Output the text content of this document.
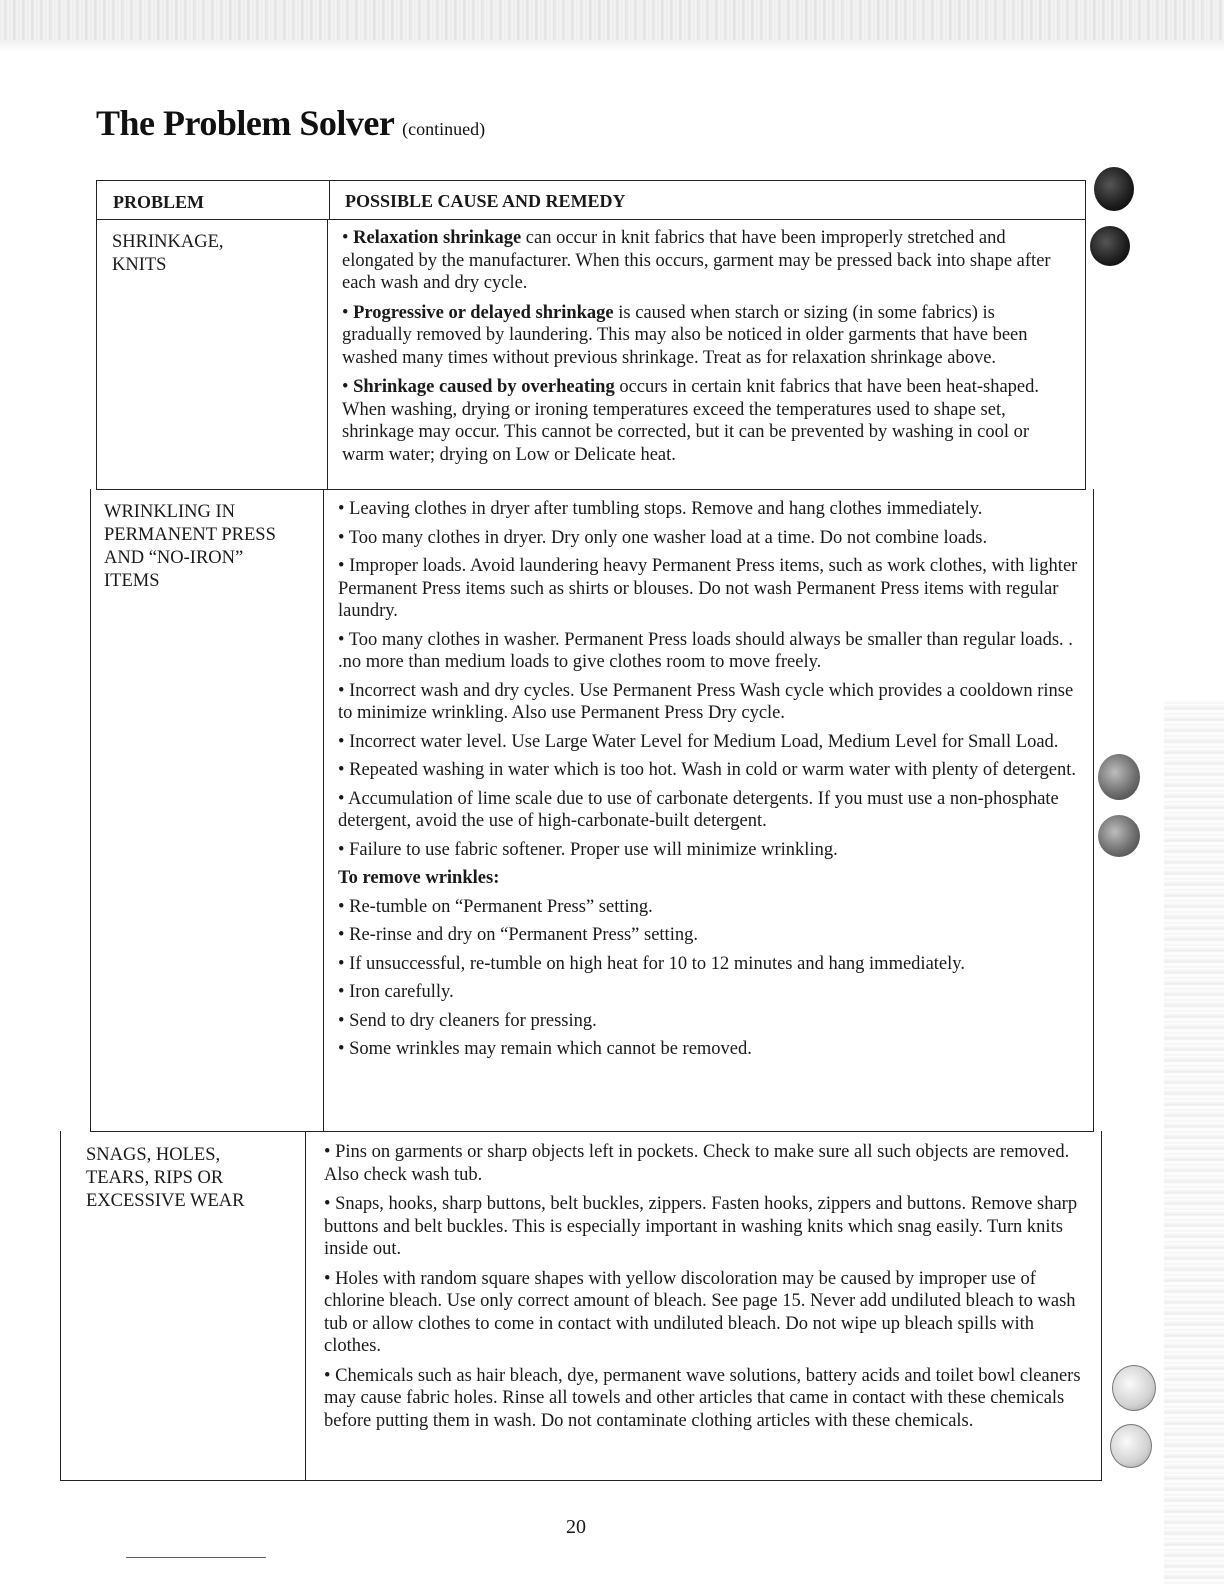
The Problem Solver (continued)
PROBLEM	POSSIBLE CAUSE AND REMEDY
SHRINKAGE,
KNITS

• Relaxation shrinkage can occur in knit fabrics that have been improperly stretched and elongated by the manufacturer. When this occurs, garment may be pressed back into shape after each wash and dry cycle.

• Progressive or delayed shrinkage is caused when starch or sizing (in some fabrics) is gradually removed by laundering. This may also be noticed in older garments that have been washed many times without previous shrinkage. Treat as for relaxation shrinkage above.

• Shrinkage caused by overheating occurs in certain knit fabrics that have been heat-shaped. When washing, drying or ironing temperatures exceed the temperatures used to shape set, shrinkage may occur. This cannot be corrected, but it can be prevented by washing in cool or warm water; drying on Low or Delicate heat.

WRINKLING IN
PERMANENT PRESS
AND “NO-IRON”
ITEMS

• Leaving clothes in dryer after tumbling stops. Remove and hang clothes immediately.

• Too many clothes in dryer. Dry only one washer load at a time. Do not combine loads.

• Improper loads. Avoid laundering heavy Permanent Press items, such as work clothes, with lighter Permanent Press items such as shirts or blouses. Do not wash Permanent Press items with regular laundry.

• Too many clothes in washer. Permanent Press loads should always be smaller than regular loads. . .no more than medium loads to give clothes room to move freely.

• Incorrect wash and dry cycles. Use Permanent Press Wash cycle which provides a cooldown rinse to minimize wrinkling. Also use Permanent Press Dry cycle.

• Incorrect water level. Use Large Water Level for Medium Load, Medium Level for Small Load.

• Repeated washing in water which is too hot. Wash in cold or warm water with plenty of detergent.

• Accumulation of lime scale due to use of carbonate detergents. If you must use a non-phosphate detergent, avoid the use of high-carbonate-built detergent.

• Failure to use fabric softener. Proper use will minimize wrinkling.

To remove wrinkles:

• Re-tumble on “Permanent Press” setting.

• Re-rinse and dry on “Permanent Press” setting.

• If unsuccessful, re-tumble on high heat for 10 to 12 minutes and hang immediately.

• Iron carefully.

• Send to dry cleaners for pressing.

• Some wrinkles may remain which cannot be removed.

SNAGS, HOLES,
TEARS, RIPS OR
EXCESSIVE WEAR

• Pins on garments or sharp objects left in pockets. Check to make sure all such objects are removed. Also check wash tub.

• Snaps, hooks, sharp buttons, belt buckles, zippers. Fasten hooks, zippers and buttons. Remove sharp buttons and belt buckles. This is especially important in washing knits which snag easily. Turn knits inside out.

• Holes with random square shapes with yellow discoloration may be caused by improper use of chlorine bleach. Use only correct amount of bleach. See page 15. Never add undiluted bleach to wash tub or allow clothes to come in contact with undiluted bleach. Do not wipe up bleach spills with clothes.

• Chemicals such as hair bleach, dye, permanent wave solutions, battery acids and toilet bowl cleaners may cause fabric holes. Rinse all towels and other articles that came in contact with these chemicals before putting them in wash. Do not contaminate clothing articles with these chemicals.

20
